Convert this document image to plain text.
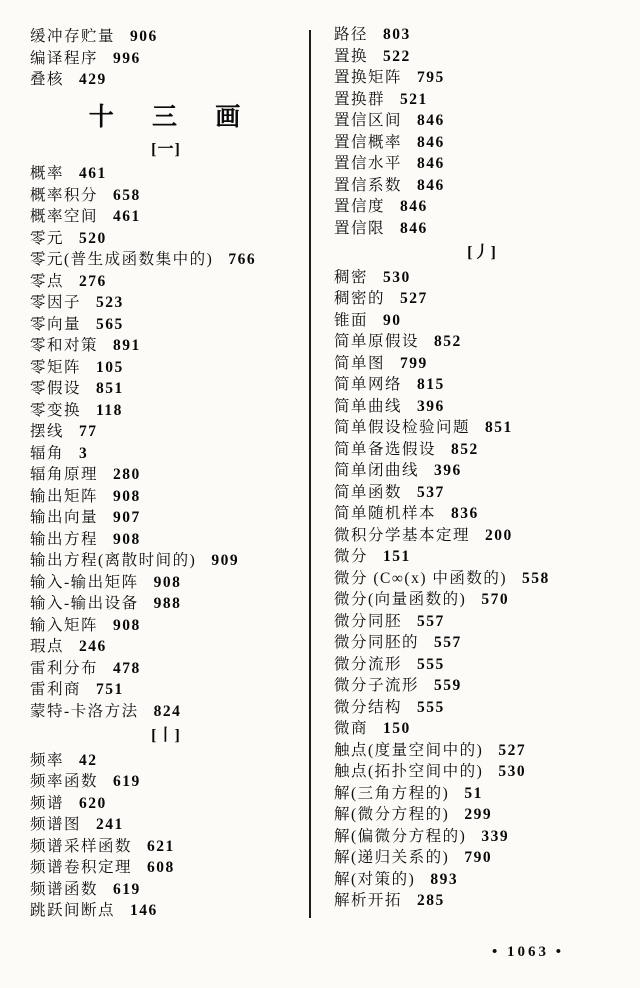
缓冲存贮量 906
编译程序 996
叠核 429
十 三 画
[一]
概率 461
概率积分 658
概率空间 461
零元 520
零元(普生成函数集中的) 766
零点 276
零因子 523
零向量 565
零和对策 891
零矩阵 105
零假设 851
零变换 118
摆线 77
辐角 3
辐角原理 280
输出矩阵 908
输出向量 907
输出方程 908
输出方程(离散时间的) 909
输入-输出矩阵 908
输入-输出设备 988
输入矩阵 908
瑕点 246
雷利分布 478
雷利商 751
蒙特-卡洛方法 824
[丨]
频率 42
频率函数 619
频谱 620
频谱图 241
频谱采样函数 621
频谱卷积定理 608
频谱函数 619
跳跃间断点 146
路径 803
置换 522
置换矩阵 795
置换群 521
置信区间 846
置信概率 846
置信水平 846
置信系数 846
置信度 846
置信限 846
[丿]
稠密 530
稠密的 527
锥面 90
简单原假设 852
简单图 799
简单网络 815
简单曲线 396
简单假设检验问题 851
简单备选假设 852
简单闭曲线 396
简单函数 537
简单随机样本 836
微积分学基本定理 200
微分 151
微分 (C∞(x) 中函数的) 558
微分(向量函数的) 570
微分同胚 557
微分同胚的 557
微分流形 555
微分子流形 559
微分结构 555
微商 150
触点(度量空间中的) 527
触点(拓扑空间中的) 530
解(三角方程的) 51
解(微分方程的) 299
解(偏微分方程的) 339
解(递归关系的) 790
解(对策的) 893
解析开拓 285
• 1063 •
